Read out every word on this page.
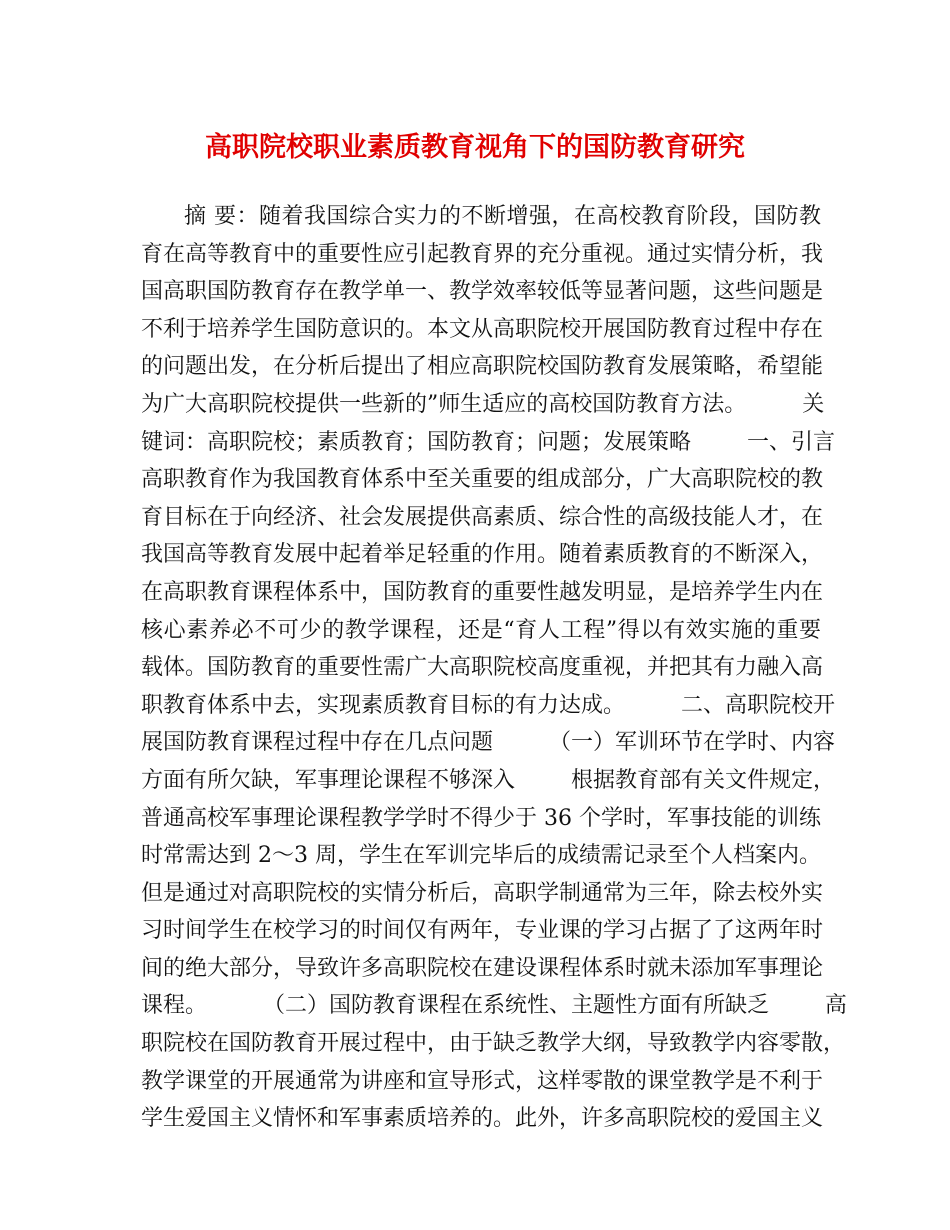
高职院校职业素质教育视角下的国防教育研究
摘 要：随着我国综合实力的不断增强，在高校教育阶段，国防教
育在高等教育中的重要性应引起教育界的充分重视。通过实情分析，我
国高职国防教育存在教学单一、教学效率较低等显著问题，这些问题是
不利于培养学生国防意识的。本文从高职院校开展国防教育过程中存在
的问题出发，在分析后提出了相应高职院校国防教育发展策略，希望能
为广大高职院校提供一些新的”师生适应的高校国防教育方法。        关
键词：高职院校；素质教育；国防教育；问题；发展策略        一、引言
高职教育作为我国教育体系中至关重要的组成部分，广大高职院校的教
育目标在于向经济、社会发展提供高素质、综合性的高级技能人才，在
我国高等教育发展中起着举足轻重的作用。随着素质教育的不断深入，
在高职教育课程体系中，国防教育的重要性越发明显，是培养学生内在
核心素养必不可少的教学课程，还是“育人工程”得以有效实施的重要
载体。国防教育的重要性需广大高职院校高度重视，并把其有力融入高
职教育体系中去，实现素质教育目标的有力达成。        二、高职院校开
展国防教育课程过程中存在几点问题        （一）军训环节在学时、内容
方面有所欠缺，军事理论课程不够深入        根据教育部有关文件规定，
普通高校军事理论课程教学学时不得少于 36 个学时，军事技能的训练
时常需达到 2～3 周，学生在军训完毕后的成绩需记录至个人档案内。
但是通过对高职院校的实情分析后，高职学制通常为三年，除去校外实
习时间学生在校学习的时间仅有两年，专业课的学习占据了了这两年时
间的绝大部分，导致许多高职院校在建设课程体系时就未添加军事理论
课程。        （二）国防教育课程在系统性、主题性方面有所缺乏        高
职院校在国防教育开展过程中，由于缺乏教学大纲，导致教学内容零散，
教学课堂的开展通常为讲座和宣导形式，这样零散的课堂教学是不利于
学生爱国主义情怀和军事素质培养的。此外，许多高职院校的爱国主义
